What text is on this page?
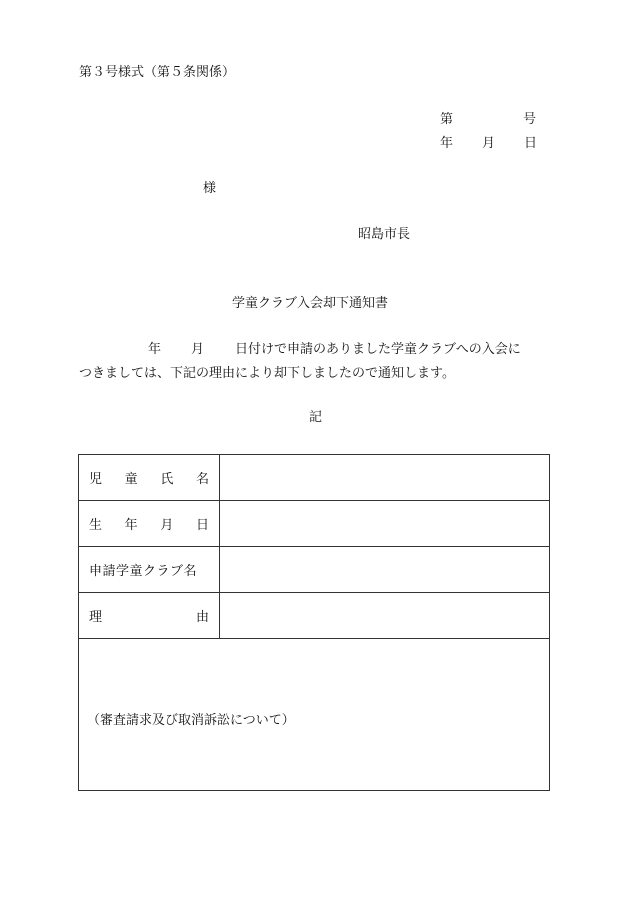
第３号様式（第５条関係）
第	号
年 月 日
様
昭島市長
学童クラブ入会却下通知書
年 月 日付けで申請のありました学童クラブへの入会に
つきましては、下記の理由により却下しましたので通知します。
記
児 童 氏 名	

生 年 月 日	

申請学童クラブ名	

理 由	

（審査請求及び取消訴訟について）	
